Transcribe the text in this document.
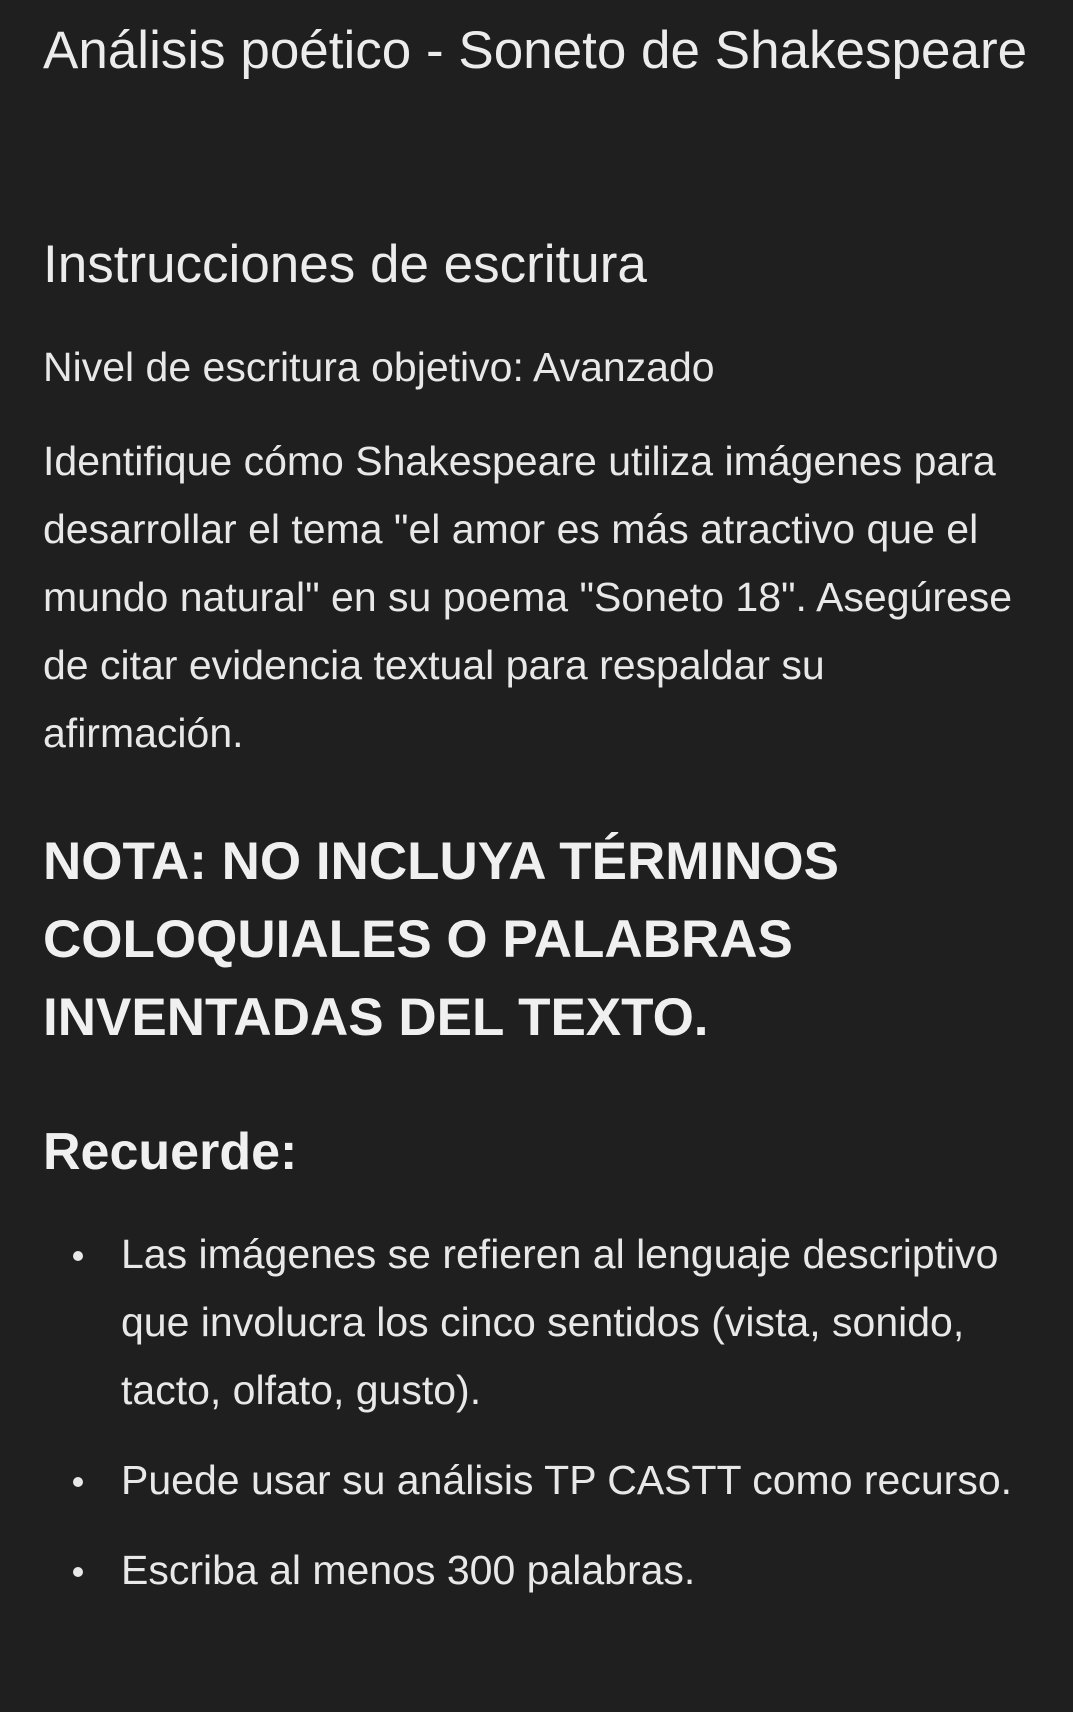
Análisis poético - Soneto de Shakespeare
Instrucciones de escritura

Nivel de escritura objetivo: Avanzado

Identifique cómo Shakespeare utiliza imágenes para desarrollar el tema "el amor es más atractivo que el mundo natural" en su poema "Soneto 18". Asegúrese de citar evidencia textual para respaldar su afirmación.

NOTA: NO INCLUYA TÉRMINOS COLOQUIALES O PALABRAS INVENTADAS DEL TEXTO.

Recuerde:
Las imágenes se refieren al lenguaje descriptivo que involucra los cinco sentidos (vista, sonido, tacto, olfato, gusto).
Puede usar su análisis TP CASTT como recurso.
Escriba al menos 300 palabras.
